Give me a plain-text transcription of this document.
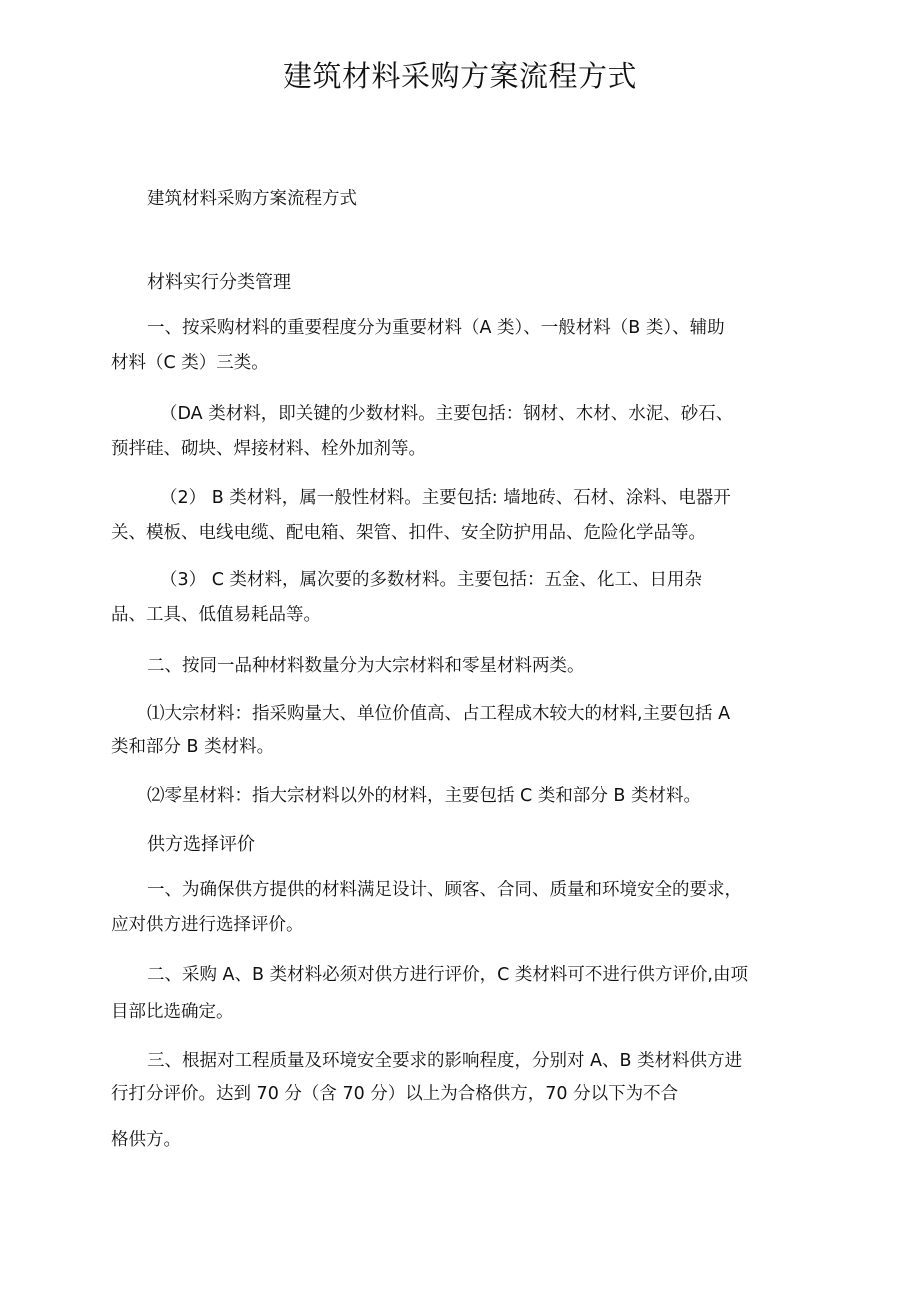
建筑材料采购方案流程方式
建筑材料采购方案流程方式
材料实行分类管理
一、按采购材料的重要程度分为重要材料（A 类）、一般材料（B 类）、辅助
材料（C 类）三类。
（DA 类材料，即关键的少数材料。主要包括：钢材、木材、水泥、砂石、
预拌硅、砌块、焊接材料、栓外加剂等。
（2） B 类材料，属一般性材料。主要包括: 墙地砖、石材、涂料、电器开
关、模板、电线电缆、配电箱、架管、扣件、安全防护用品、危险化学品等。
（3） C 类材料，属次要的多数材料。主要包括：五金、化工、日用杂
品、工具、低值易耗品等。
二、按同一品种材料数量分为大宗材料和零星材料两类。
⑴大宗材料：指采购量大、单位价值高、占工程成木较大的材料,主要包括 A
类和部分 B 类材料。
⑵零星材料：指大宗材料以外的材料，主要包括 C 类和部分 B 类材料。
供方选择评价
一、为确保供方提供的材料满足设计、顾客、合同、质量和环境安全的要求，
应对供方进行选择评价。
二、采购 A、B 类材料必须对供方进行评价，C 类材料可不进行供方评价,由项
目部比选确定。
三、根据对工程质量及环境安全要求的影响程度，分别对 A、B 类材料供方进
行打分评价。达到 70 分（含 70 分）以上为合格供方，70 分以下为不合
格供方。
